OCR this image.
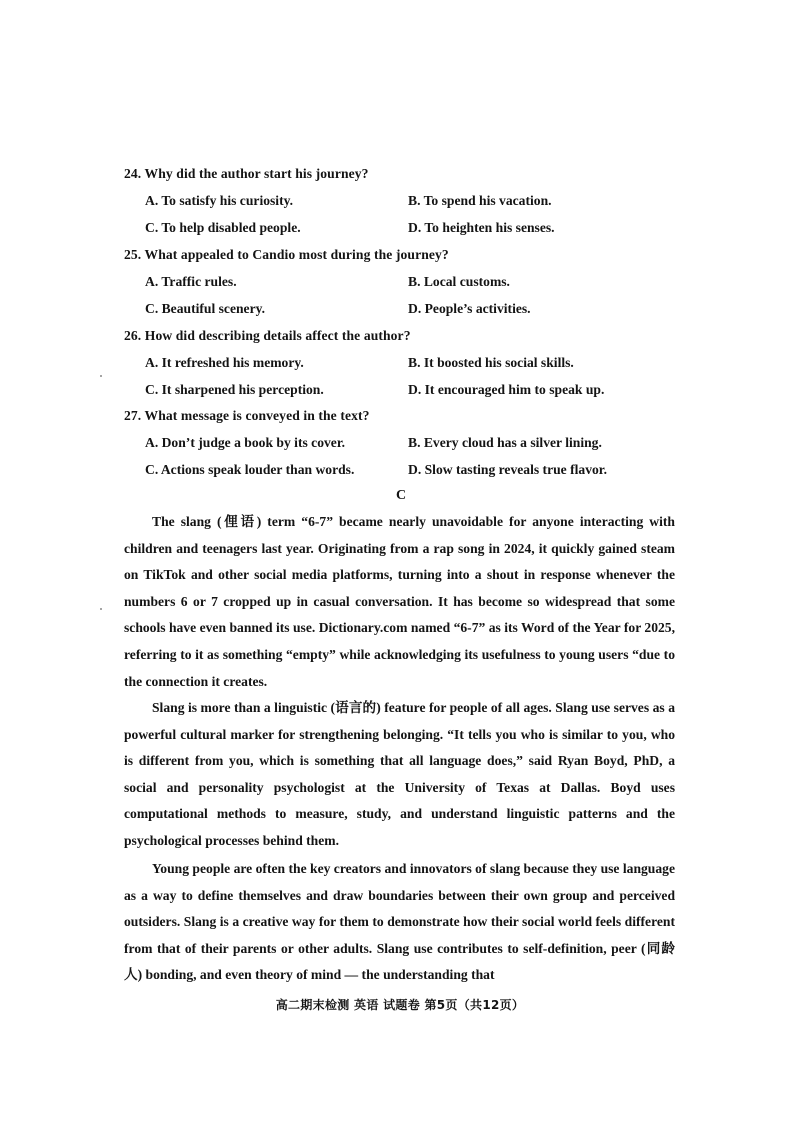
24. Why did the author start his journey?
A. To satisfy his curiosity.	B. To spend his vacation.
C. To help disabled people.	D. To heighten his senses.
25. What appealed to Candio most during the journey?
A. Traffic rules.	B. Local customs.
C. Beautiful scenery.	D. People’s activities.
26. How did describing details affect the author?
A. It refreshed his memory.	B. It boosted his social skills.
C. It sharpened his perception.	D. It encouraged him to speak up.
27. What message is conveyed in the text?
A. Don’t judge a book by its cover.	B. Every cloud has a silver lining.
C. Actions speak louder than words.	D. Slow tasting reveals true flavor.
C

The slang (俚语) term “6-7” became nearly unavoidable for anyone interacting with children and teenagers last year. Originating from a rap song in 2024, it quickly gained steam on TikTok and other social media platforms, turning into a shout in response whenever the numbers 6 or 7 cropped up in casual conversation. It has become so widespread that some schools have even banned its use. Dictionary.com named “6-7” as its Word of the Year for 2025, referring to it as something “empty” while acknowledging its usefulness to young users “due to the connection it creates.

Slang is more than a linguistic (语言的) feature for people of all ages. Slang use serves as a powerful cultural marker for strengthening belonging. “It tells you who is similar to you, who is different from you, which is something that all language does,” said Ryan Boyd, PhD, a social and personality psychologist at the University of Texas at Dallas. Boyd uses computational methods to measure, study, and understand linguistic patterns and the psychological processes behind them.

Young people are often the key creators and innovators of slang because they use language as a way to define themselves and draw boundaries between their own group and perceived outsiders. Slang is a creative way for them to demonstrate how their social world feels different from that of their parents or other adults. Slang use contributes to self-definition, peer (同龄人) bonding, and even theory of mind — the understanding that

高二期末检测 英语 试题卷 第5页（共12页）
